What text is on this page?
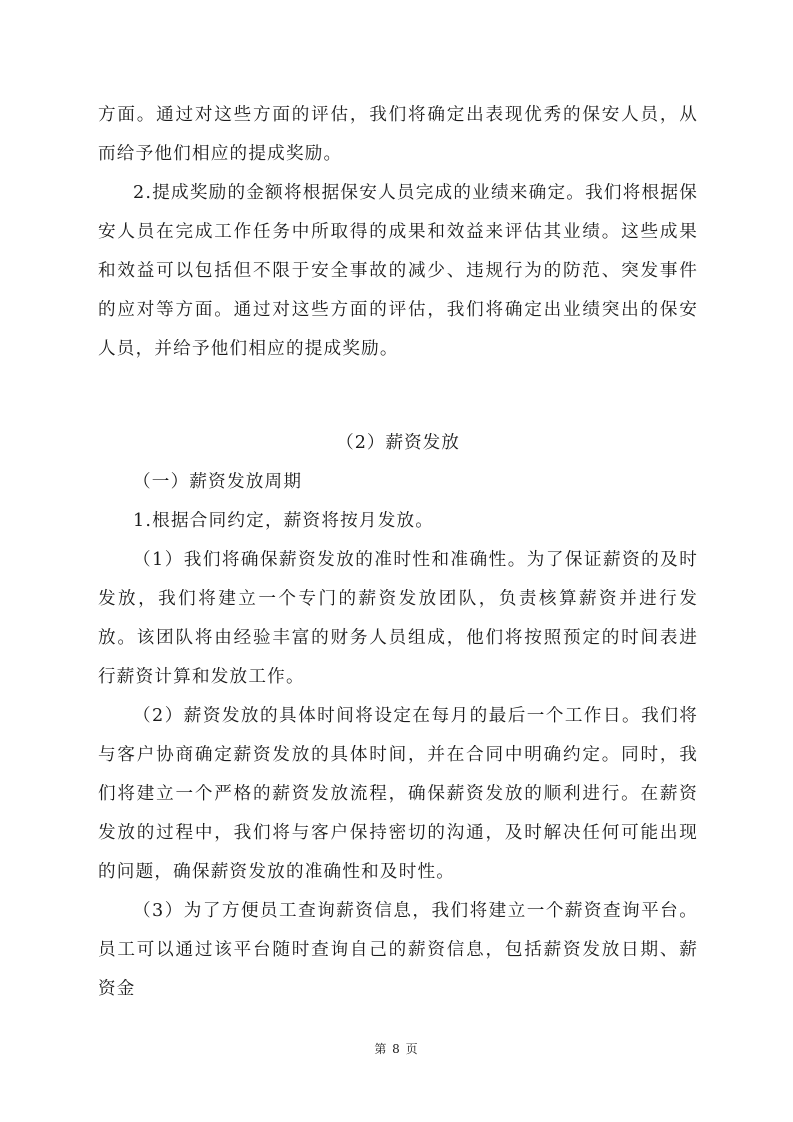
方面。通过对这些方面的评估，我们将确定出表现优秀的保安人员，从而给予他们相应的提成奖励。

2.提成奖励的金额将根据保安人员完成的业绩来确定。我们将根据保安人员在完成工作任务中所取得的成果和效益来评估其业绩。这些成果和效益可以包括但不限于安全事故的减少、违规行为的防范、突发事件的应对等方面。通过对这些方面的评估，我们将确定出业绩突出的保安人员，并给予他们相应的提成奖励。

（2）薪资发放

（一）薪资发放周期

1.根据合同约定，薪资将按月发放。

（1）我们将确保薪资发放的准时性和准确性。为了保证薪资的及时发放，我们将建立一个专门的薪资发放团队，负责核算薪资并进行发放。该团队将由经验丰富的财务人员组成，他们将按照预定的时间表进行薪资计算和发放工作。

（2）薪资发放的具体时间将设定在每月的最后一个工作日。我们将与客户协商确定薪资发放的具体时间，并在合同中明确约定。同时，我们将建立一个严格的薪资发放流程，确保薪资发放的顺利进行。在薪资发放的过程中，我们将与客户保持密切的沟通，及时解决任何可能出现的问题，确保薪资发放的准确性和及时性。

（3）为了方便员工查询薪资信息，我们将建立一个薪资查询平台。员工可以通过该平台随时查询自己的薪资信息，包括薪资发放日期、薪资金

第 8 页
